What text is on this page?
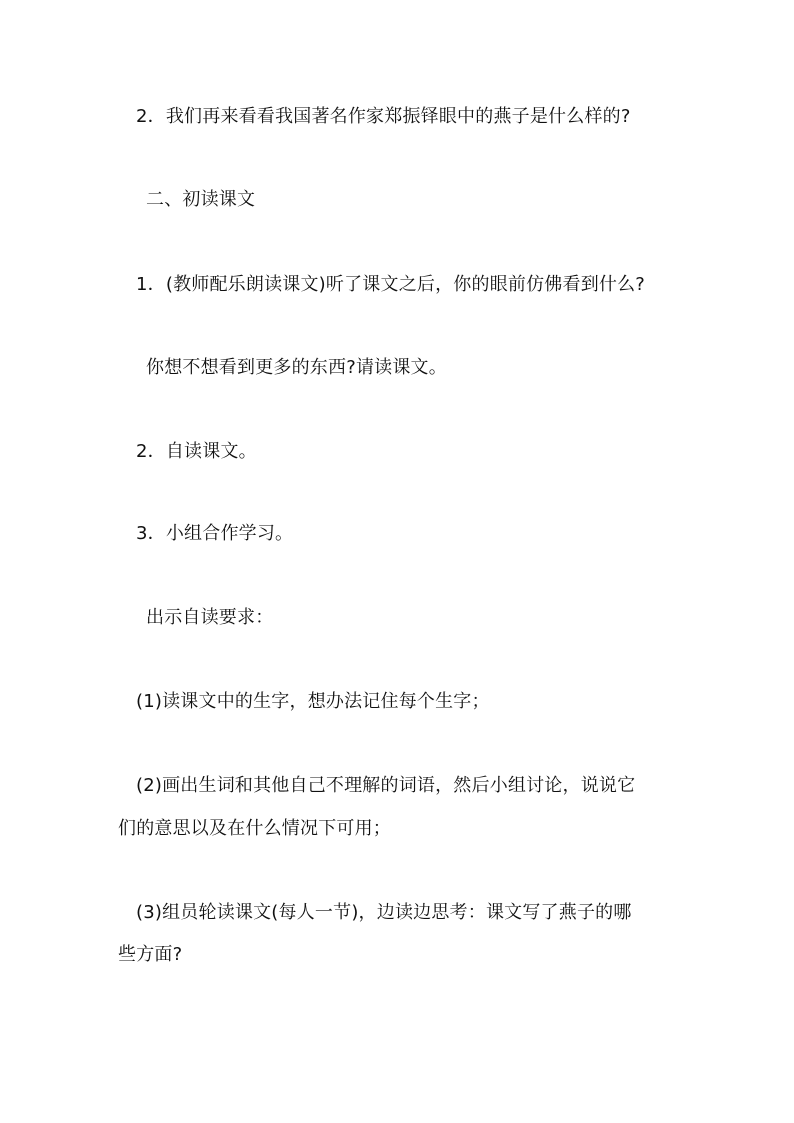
2．我们再来看看我国著名作家郑振铎眼中的燕子是什么样的?
二、初读课文
1．(教师配乐朗读课文)听了课文之后，你的眼前仿佛看到什么?
你想不想看到更多的东西?请读课文。
2．自读课文。
3．小组合作学习。
出示自读要求：
(1)读课文中的生字，想办法记住每个生字；
(2)画出生词和其他自己不理解的词语，然后小组讨论，说说它
们的意思以及在什么情况下可用；
(3)组员轮读课文(每人一节)，边读边思考：课文写了燕子的哪
些方面?
